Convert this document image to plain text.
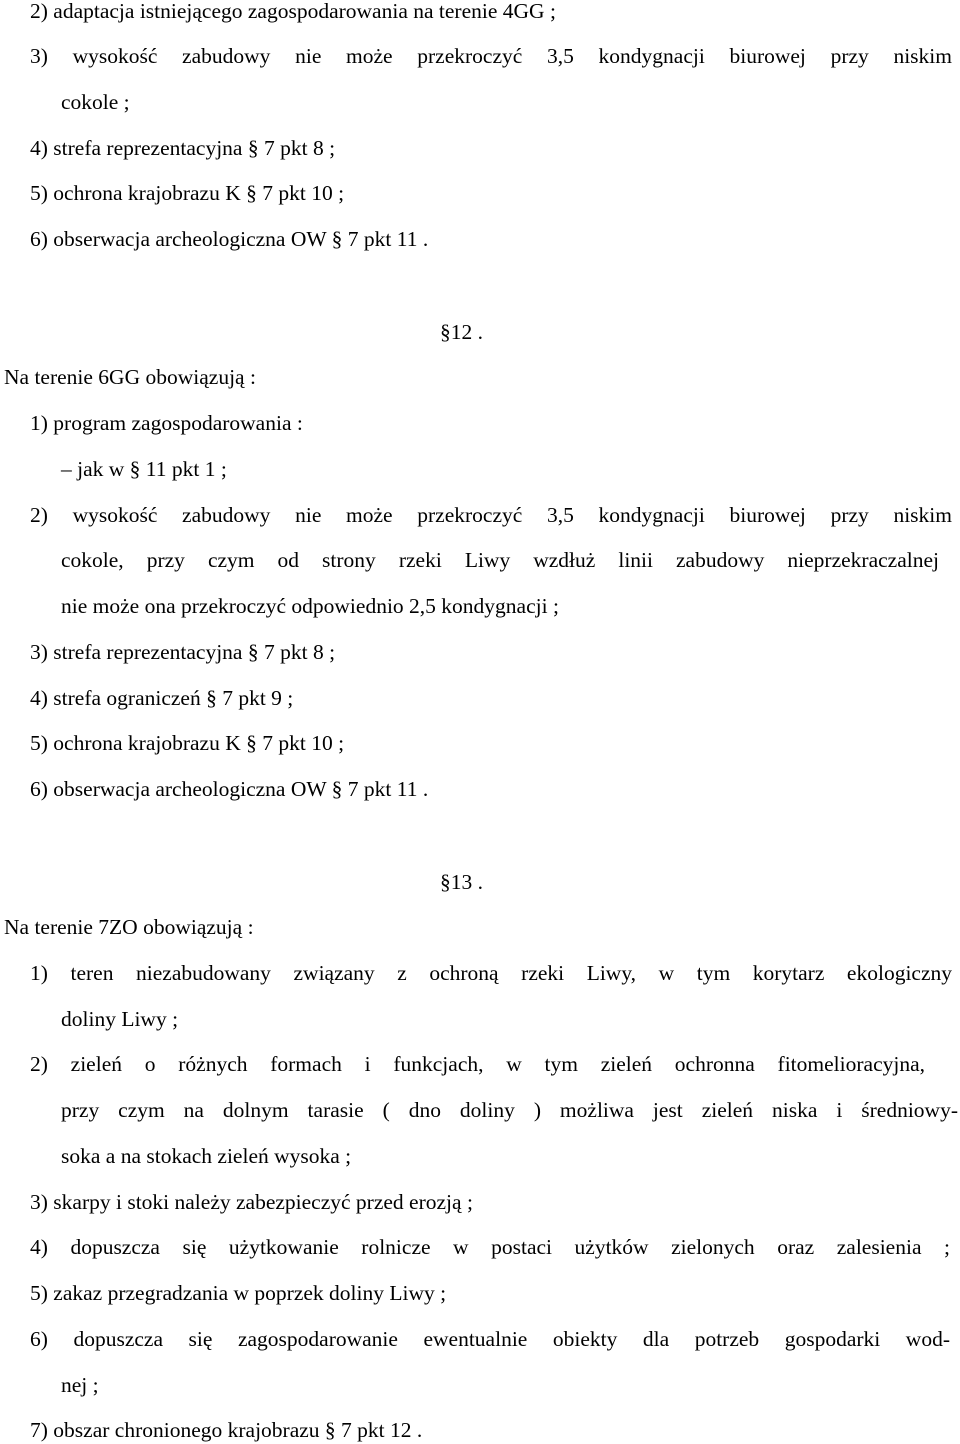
2) adaptacja istniejącego zagospodarowania na terenie 4GG ;
3) wysokość zabudowy nie może przekroczyć 3,5 kondygnacji biurowej przy niskim
cokole ;
4) strefa reprezentacyjna § 7 pkt 8 ;
5) ochrona krajobrazu K § 7 pkt 10 ;
6) obserwacja archeologiczna OW § 7 pkt 11 .
§12 .
Na terenie 6GG obowiązują :
1) program zagospodarowania :
– jak w § 11 pkt 1 ;
2) wysokość zabudowy nie może przekroczyć 3,5 kondygnacji biurowej przy niskim
cokole, przy czym od strony rzeki Liwy wzdłuż linii zabudowy nieprzekraczalnej
nie może ona przekroczyć odpowiednio 2,5 kondygnacji ;
3) strefa reprezentacyjna § 7 pkt 8 ;
4) strefa ograniczeń § 7 pkt 9 ;
5) ochrona krajobrazu K § 7 pkt 10 ;
6) obserwacja archeologiczna OW § 7 pkt 11 .
§13 .
Na terenie 7ZO obowiązują :
1) teren niezabudowany związany z ochroną rzeki Liwy, w tym korytarz ekologiczny
doliny Liwy ;
2) zieleń o różnych formach i funkcjach, w tym zieleń ochronna fitomelioracyjna,
przy czym na dolnym tarasie ( dno doliny ) możliwa jest zieleń niska i średniowy-
soka a na stokach zieleń wysoka ;
3) skarpy i stoki należy zabezpieczyć przed erozją ;
4) dopuszcza się użytkowanie rolnicze w postaci użytków zielonych oraz zalesienia ;
5) zakaz przegradzania w poprzek doliny Liwy ;
6) dopuszcza się zagospodarowanie ewentualnie obiekty dla potrzeb gospodarki wod-
nej ;
7) obszar chronionego krajobrazu § 7 pkt 12 .
